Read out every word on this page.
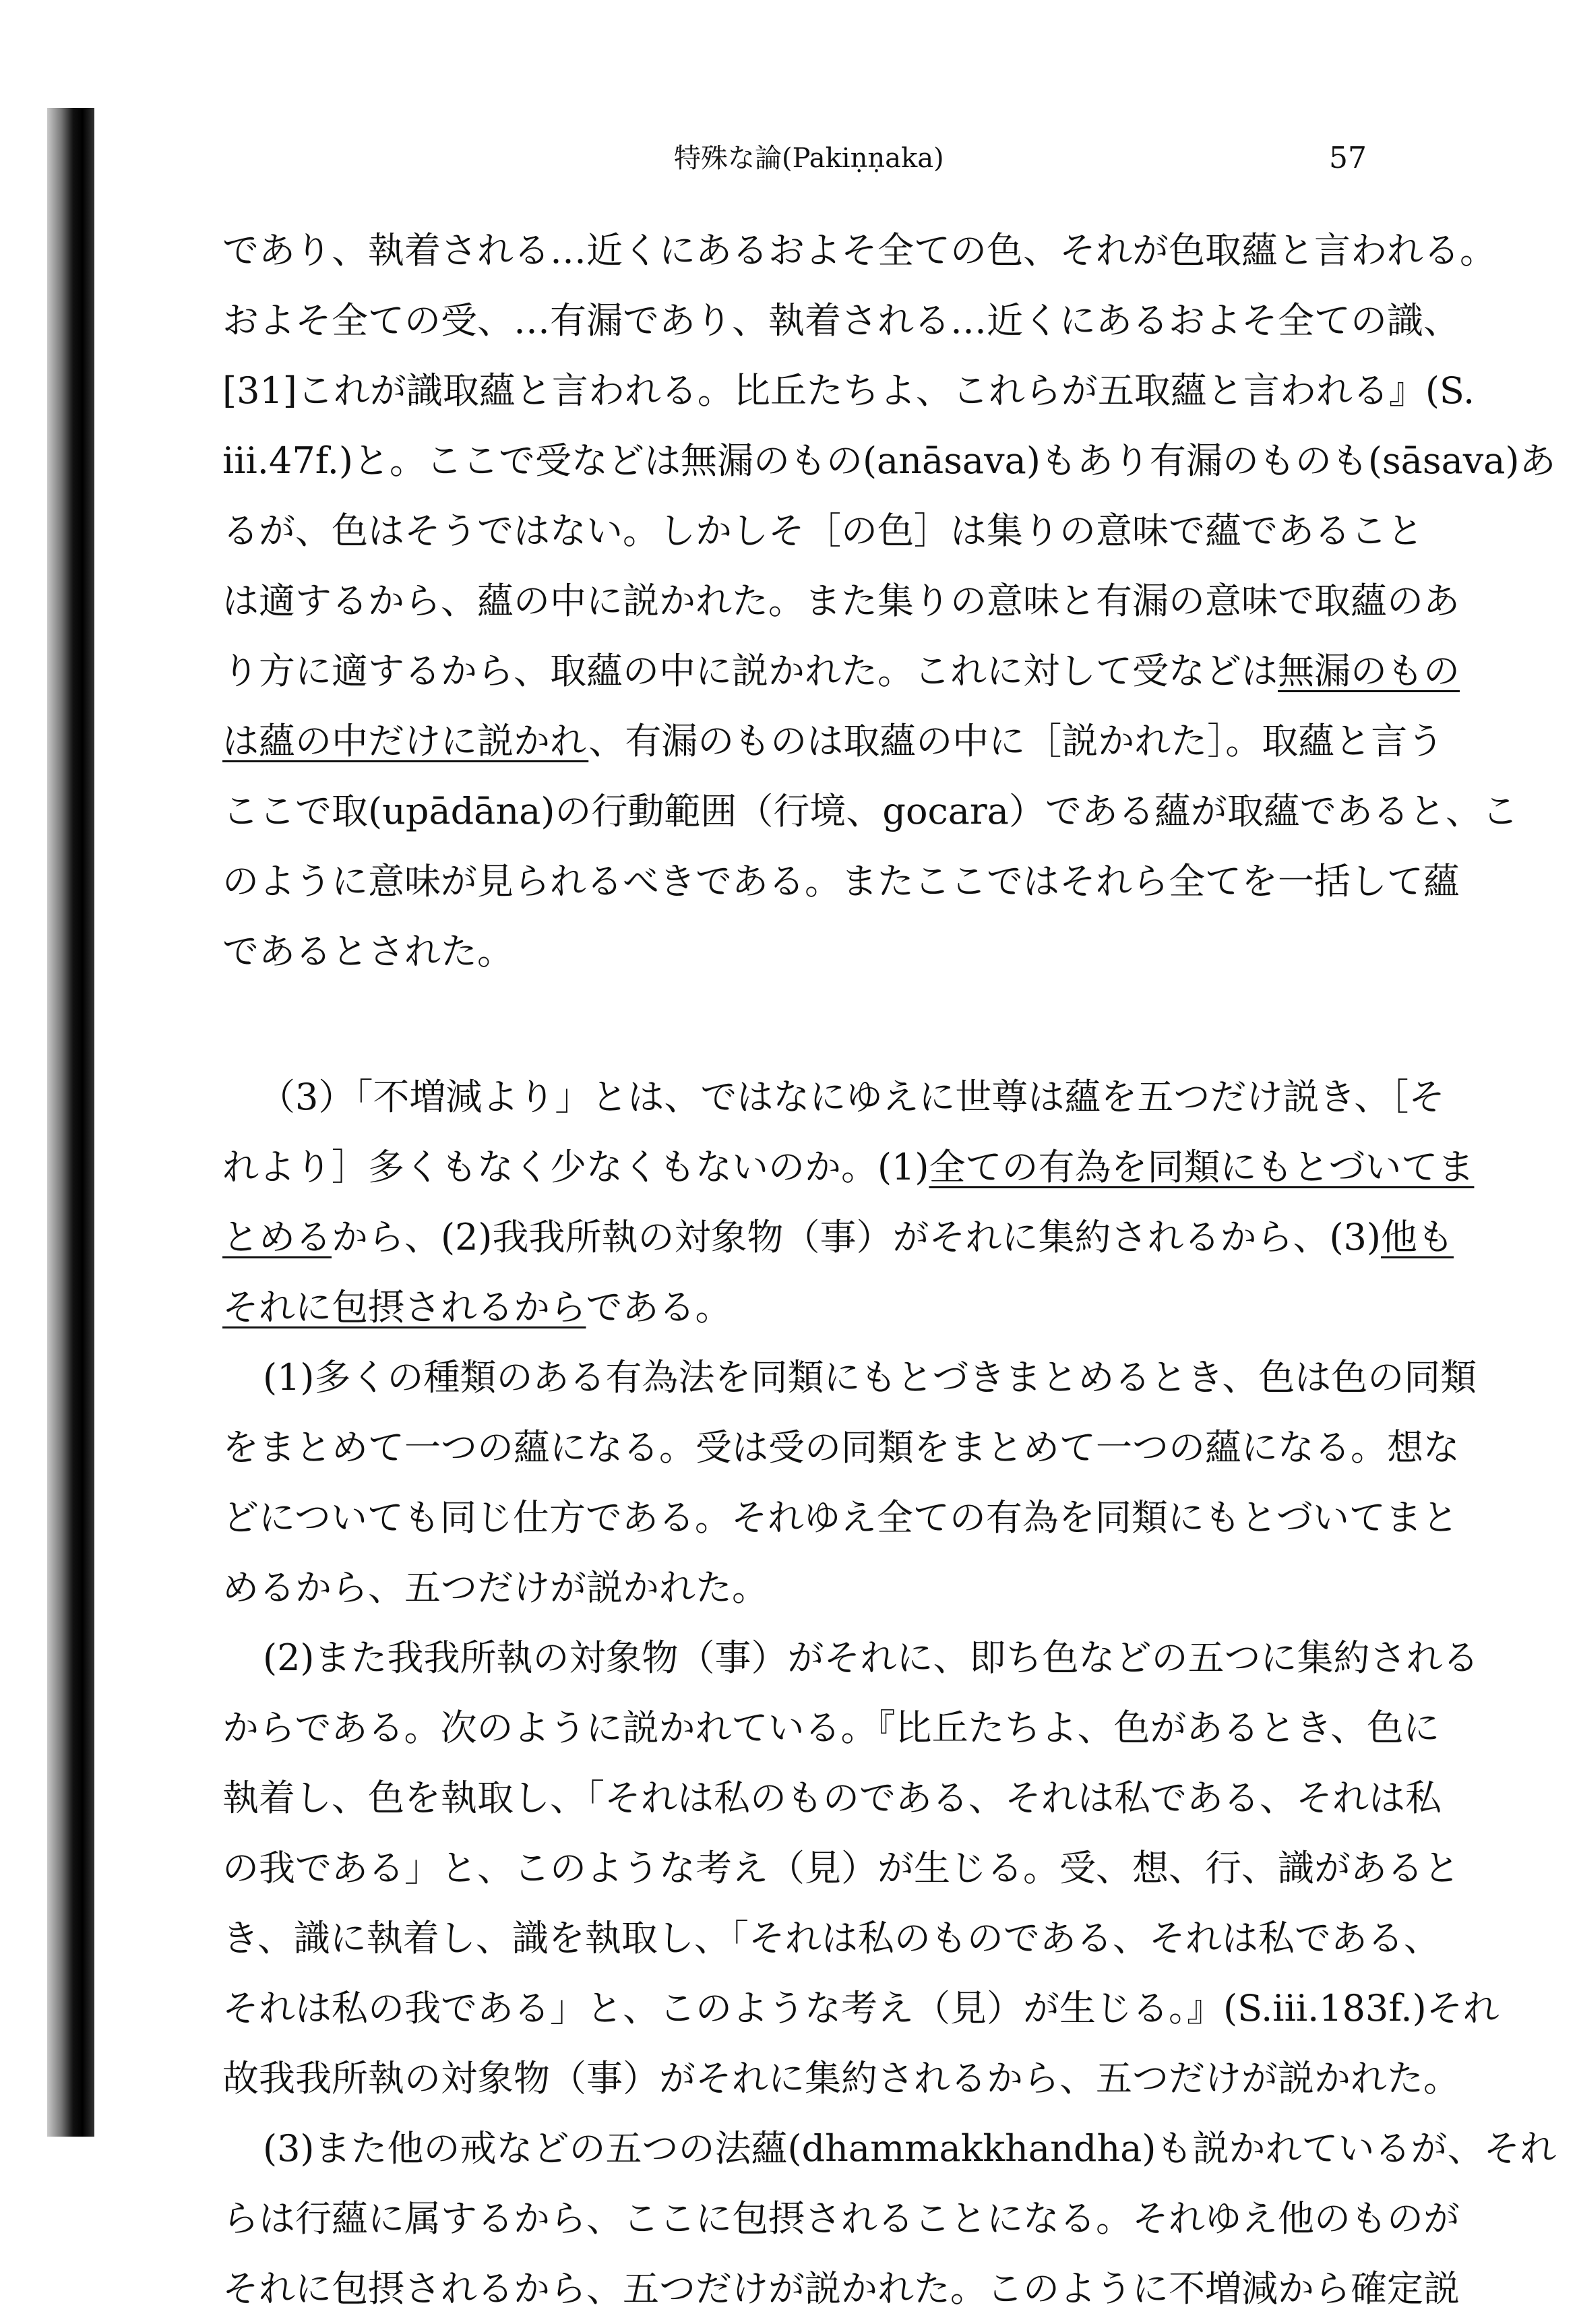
特殊な論(Pakiṇṇaka)	57
であり、執着される…近くにあるおよそ全ての色、それが色取蘊と言われる。
およそ全ての受、…有漏であり、執着される…近くにあるおよそ全ての識、
[31]これが識取蘊と言われる。比丘たちよ、これらが五取蘊と言われる』(S.
iii.47f.)と。ここで受などは無漏のもの(anāsava)もあり有漏のものも(sāsava)あ
るが、色はそうではない。しかしそ［の色］は集りの意味で蘊であること
は適するから、蘊の中に説かれた。また集りの意味と有漏の意味で取蘊のあ
り方に適するから、取蘊の中に説かれた。これに対して受などは無漏のもの
は蘊の中だけに説かれ、有漏のものは取蘊の中に［説かれた］。取蘊と言う
ここで取(upādāna)の行動範囲（行境、gocara）である蘊が取蘊であると、こ
のように意味が見られるべきである。またここではそれら全てを一括して蘊
であるとされた。
（3）「不増減より」とは、ではなにゆえに世尊は蘊を五つだけ説き、［そ
れより］多くもなく少なくもないのか。(1)全ての有為を同類にもとづいてま
とめるから、(2)我我所執の対象物（事）がそれに集約されるから、(3)他も
それに包摂されるからである。
(1)多くの種類のある有為法を同類にもとづきまとめるとき、色は色の同類
をまとめて一つの蘊になる。受は受の同類をまとめて一つの蘊になる。想な
どについても同じ仕方である。それゆえ全ての有為を同類にもとづいてまと
めるから、五つだけが説かれた。
(2)また我我所執の対象物（事）がそれに、即ち色などの五つに集約される
からである。次のように説かれている。『比丘たちよ、色があるとき、色に
執着し、色を執取し、「それは私のものである、それは私である、それは私
の我である」と、このような考え（見）が生じる。受、想、行、識があると
き、識に執着し、識を執取し、「それは私のものである、それは私である、
それは私の我である」と、このような考え（見）が生じる。』(S.iii.183f.)それ
故我我所執の対象物（事）がそれに集約されるから、五つだけが説かれた。
(3)また他の戒などの五つの法蘊(dhammakkhandha)も説かれているが、それ
らは行蘊に属するから、ここに包摂されることになる。それゆえ他のものが
それに包摂されるから、五つだけが説かれた。このように不増減から確定説
